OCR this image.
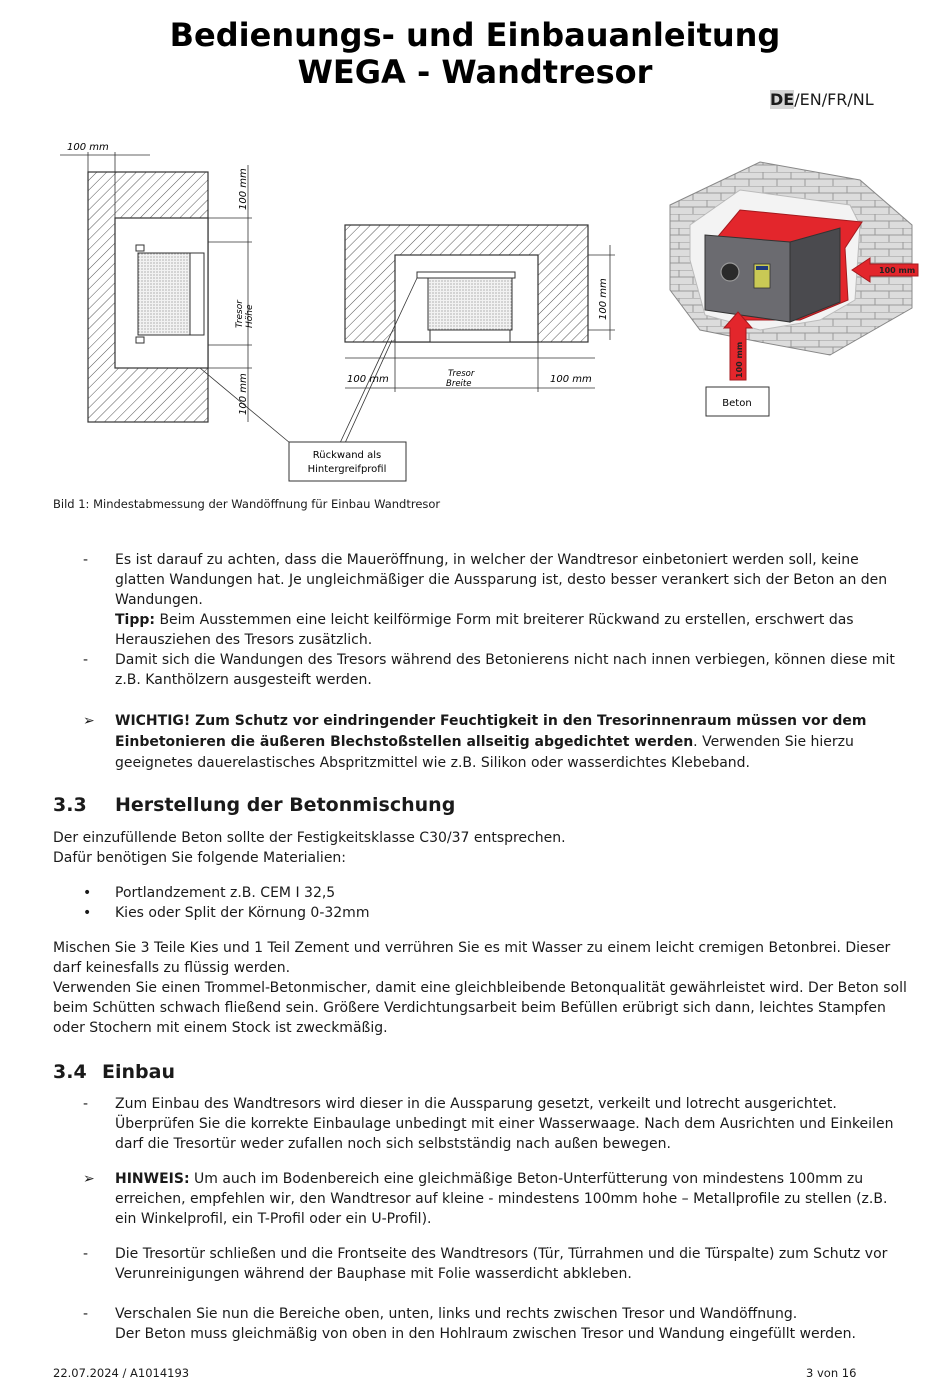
Bedienungs- und Einbauanleitung
WEGA - Wandtresor
DE/EN/FR/NL
100 mm
100 mm
100 mm
Tresor Höhe
100 mm	100 mm
Tresor
Breite
100 mm
Rückwand als
Hintergreifprofil
100 mm
100 mm
Beton
Bild 1: Mindestabmessung der Wandöffnung für Einbau Wandtresor
- Es ist darauf zu achten, dass die Maueröffnung, in welcher der Wandtresor einbetoniert werden soll, keine glatten Wandungen hat. Je ungleichmäßiger die Aussparung ist, desto besser verankert sich der Beton an den Wandungen.
Tipp: Beim Ausstemmen eine leicht keilförmige Form mit breiterer Rückwand zu erstellen, erschwert das Herausziehen des Tresors zusätzlich.
- Damit sich die Wandungen des Tresors während des Betonierens nicht nach innen verbiegen, können diese mit z.B. Kanthölzern ausgesteift werden.
➢ WICHTIG! Zum Schutz vor eindringender Feuchtigkeit in den Tresorinnenraum müssen vor dem Einbetonieren die äußeren Blechstoßstellen allseitig abgedichtet werden. Verwenden Sie hierzu geeignetes dauerelastisches Abspritzmittel wie z.B. Silikon oder wasserdichtes Klebeband.
3.3 Herstellung der Betonmischung
Der einzufüllende Beton sollte der Festigkeitsklasse C30/37 entsprechen.
Dafür benötigen Sie folgende Materialien:
• Portlandzement z.B. CEM I 32,5
• Kies oder Split der Körnung 0-32mm
Mischen Sie 3 Teile Kies und 1 Teil Zement und verrühren Sie es mit Wasser zu einem leicht cremigen Betonbrei. Dieser darf keinesfalls zu flüssig werden.
Verwenden Sie einen Trommel-Betonmischer, damit eine gleichbleibende Betonqualität gewährleistet wird. Der Beton soll beim Schütten schwach fließend sein. Größere Verdichtungsarbeit beim Befüllen erübrigt sich dann, leichtes Stampfen oder Stochern mit einem Stock ist zweckmäßig.
3.4 Einbau
- Zum Einbau des Wandtresors wird dieser in die Aussparung gesetzt, verkeilt und lotrecht ausgerichtet. Überprüfen Sie die korrekte Einbaulage unbedingt mit einer Wasserwaage. Nach dem Ausrichten und Einkeilen darf die Tresortür weder zufallen noch sich selbstständig nach außen bewegen.
➢ HINWEIS: Um auch im Bodenbereich eine gleichmäßige Beton-Unterfütterung von mindestens 100mm zu erreichen, empfehlen wir, den Wandtresor auf kleine - mindestens 100mm hohe – Metallprofile zu stellen (z.B. ein Winkelprofil, ein T-Profil oder ein U-Profil).
- Die Tresortür schließen und die Frontseite des Wandtresors (Tür, Türrahmen und die Türspalte) zum Schutz vor Verunreinigungen während der Bauphase mit Folie wasserdicht abkleben.
- Verschalen Sie nun die Bereiche oben, unten, links und rechts zwischen Tresor und Wandöffnung.
Der Beton muss gleichmäßig von oben in den Hohlraum zwischen Tresor und Wandung eingefüllt werden.
22.07.2024 / A1014193	3 von 16
